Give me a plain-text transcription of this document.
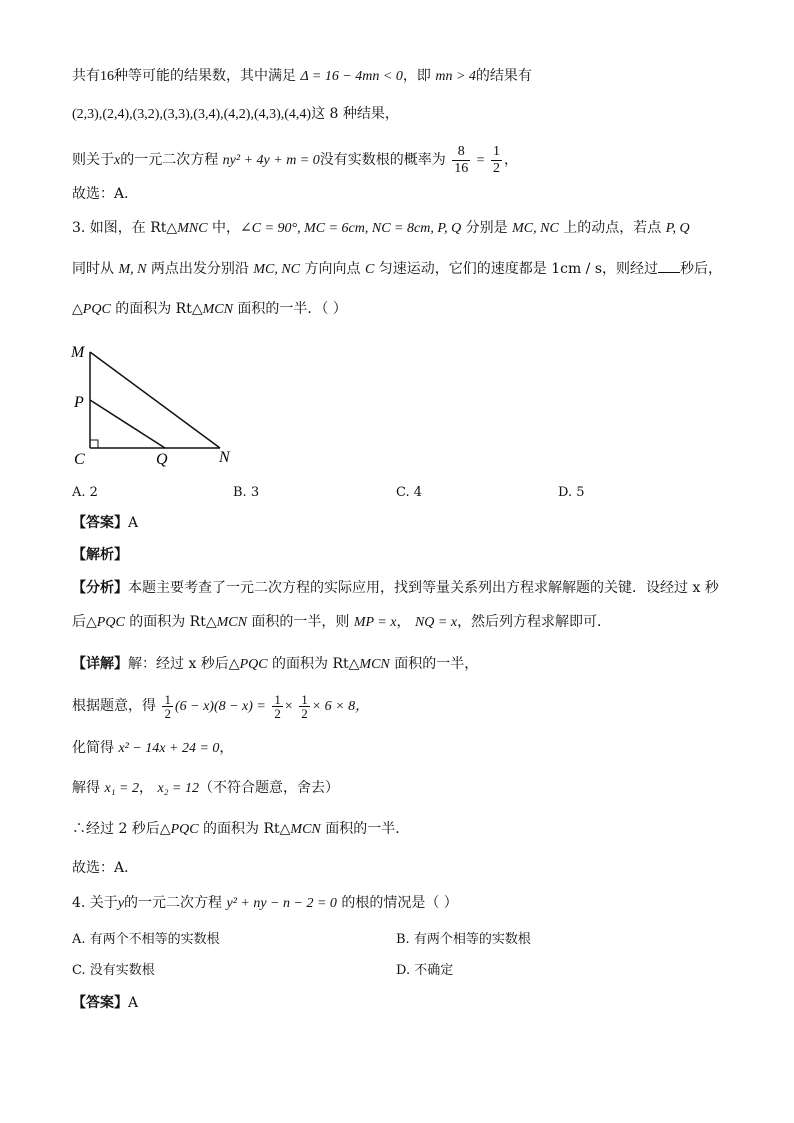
共有16种等可能的结果数，其中满足 Δ = 16 − 4mn < 0，即 mn > 4的结果有
(2,3),(2,4),(3,2),(3,3),(3,4),(4,2),(4,3),(4,4)这 8 种结果，
则关于x的一元二次方程 ny² + 4y + m = 0没有实数根的概率为 $\frac{8}{16} = \frac{1}{2}$ ，
故选：A．
3. 如图，在 Rt△MNC 中，∠C = 90°, MC = 6cm, NC = 8cm, P, Q 分别是 MC, NC 上的动点，若点 P, Q
同时从 M, N 两点出发分别沿 MC, NC 方向向点 C 匀速运动，它们的速度都是 1cm / s，则经过 秒后，
△PQC 的面积为 Rt△MCN 面积的一半．（ ）
M
P
C	Q	N
A. 2	B. 3	C. 4	D. 5
【答案】A
【解析】
【分析】本题主要考查了一元二次方程的实际应用，找到等量关系列出方程求解解题的关键．设经过 x 秒
后△PQC 的面积为 Rt△MCN 面积的一半，则 MP = x， NQ = x，然后列方程求解即可．
【详解】解：经过 x 秒后△PQC 的面积为 Rt△MCN 面积的一半，
根据题意，得 $\frac{1}{2} (6 - x)(8 - x) = \frac{1}{2} \times \frac{1}{2} \times 6 \times 8$，
化简得 x² − 14x + 24 = 0，
解得 x₁ = 2， x₂ = 12（不符合题意，舍去）
∴经过 2 秒后△PQC 的面积为 Rt△MCN 面积的一半．
故选：A．
4. 关于y的一元二次方程 y² + ny − n − 2 = 0 的根的情况是（ ）
A. 有两个不相等的实数根	B. 有两个相等的实数根
C. 没有实数根	D. 不确定
【答案】A
